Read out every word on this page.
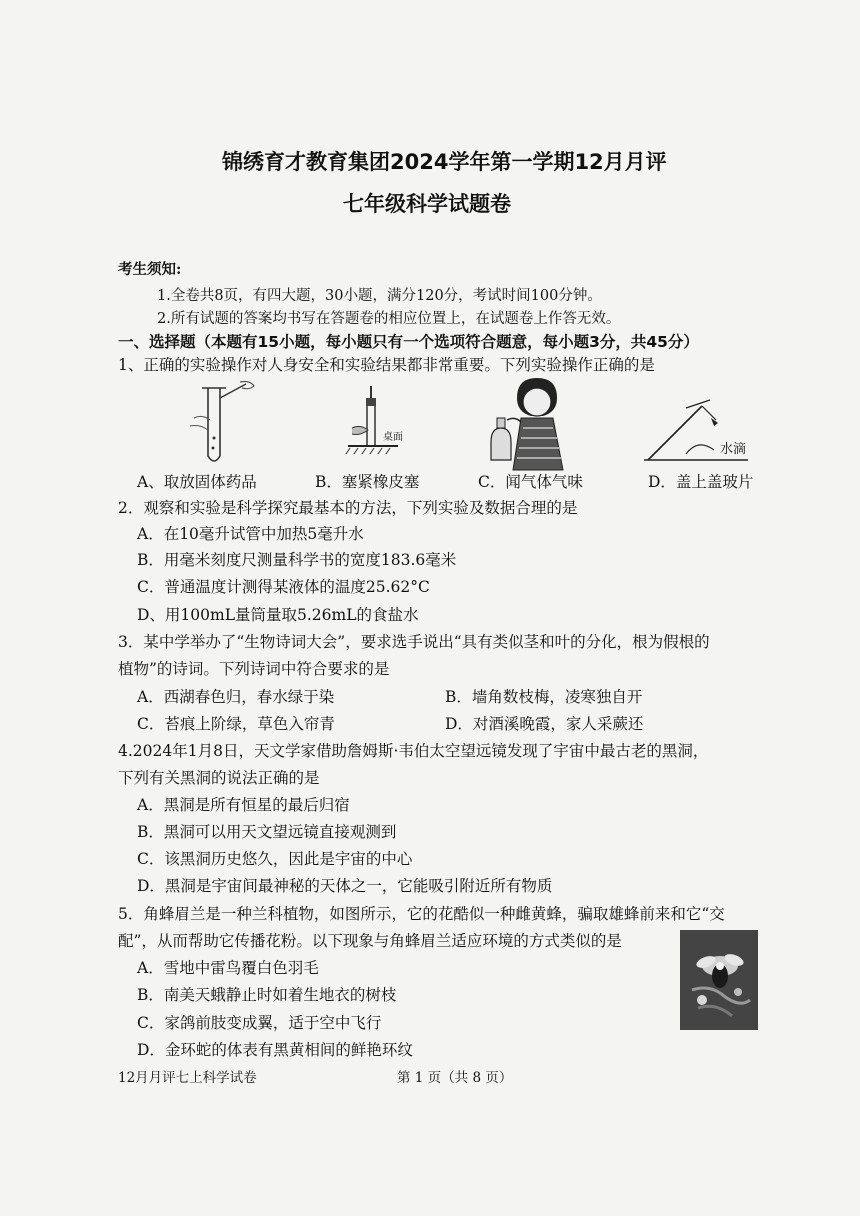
锦绣育才教育集团2024学年第一学期12月月评
七年级科学试题卷
考生须知:
1.全卷共8页，有四大题，30小题，满分120分，考试时间100分钟。
2.所有试题的答案均书写在答题卷的相应位置上，在试题卷上作答无效。
一、选择题（本题有15小题，每小题只有一个选项符合题意，每小题3分，共45分）
1、正确的实验操作对人身安全和实验结果都非常重要。下列实验操作正确的是
桌面
水滴
A、取放固体药品	B．塞紧橡皮塞	C．闻气体气味	D．盖上盖玻片
2．观察和实验是科学探究最基本的方法，下列实验及数据合理的是
A．在10毫升试管中加热5毫升水
B．用毫米刻度尺测量科学书的宽度183.6毫米
C．普通温度计测得某液体的温度25.62°C
D、用100mL量筒量取5.26mL的食盐水
3．某中学举办了“生物诗词大会”，要求选手说出“具有类似茎和叶的分化，根为假根的
植物”的诗词。下列诗词中符合要求的是
A．西湖春色归，春水绿于染	B．墙角数枝梅，凌寒独自开
C．苔痕上阶绿，草色入帘青	D．对酒溪晚霞，家人采蕨还
4.2024年1月8日，天文学家借助詹姆斯·韦伯太空望远镜发现了宇宙中最古老的黑洞，
下列有关黑洞的说法正确的是
A．黑洞是所有恒星的最后归宿
B．黑洞可以用天文望远镜直接观测到
C．该黑洞历史悠久，因此是宇宙的中心
D．黑洞是宇宙间最神秘的天体之一，它能吸引附近所有物质
5．角蜂眉兰是一种兰科植物，如图所示，它的花酷似一种雌黄蜂，骗取雄蜂前来和它“交
配”，从而帮助它传播花粉。以下现象与角蜂眉兰适应环境的方式类似的是
A．雪地中雷鸟覆白色羽毛
B．南美天蛾静止时如着生地衣的树枝
C．家鸽前肢变成翼，适于空中飞行
D．金环蛇的体表有黑黄相间的鲜艳环纹
12月月评七上科学试卷	第 1 页（共 8 页）
